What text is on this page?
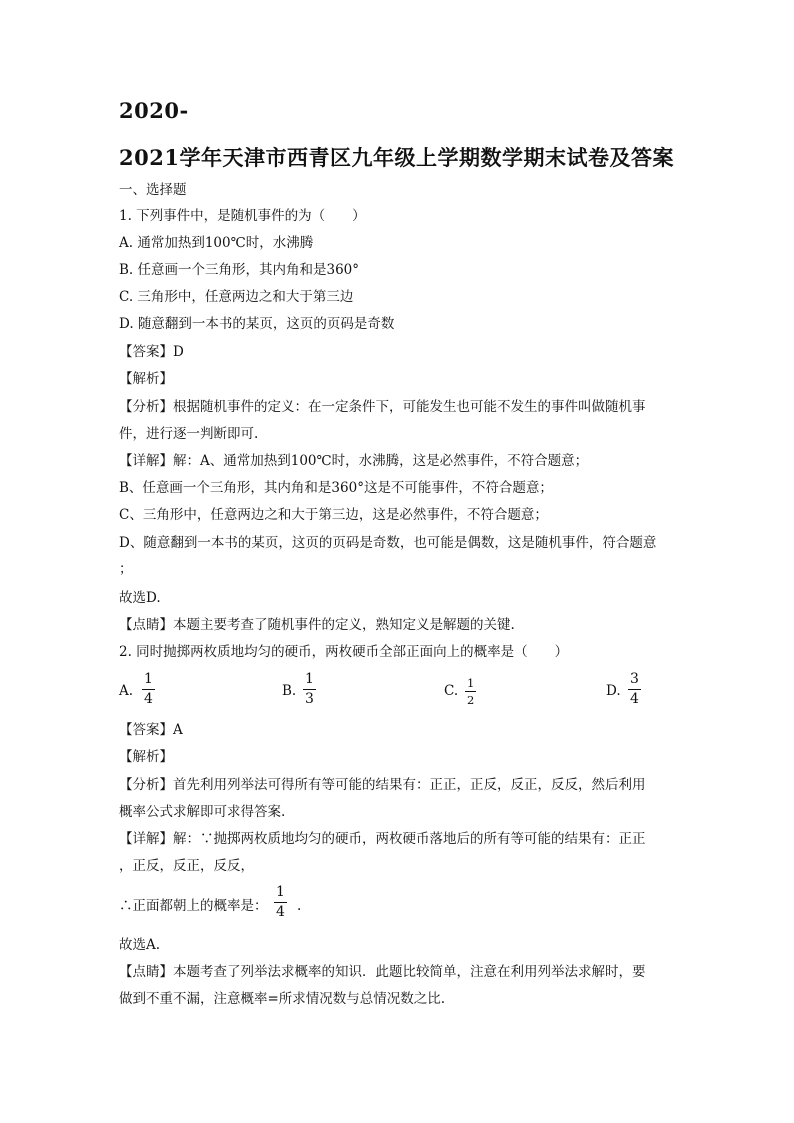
2020-
2021学年天津市西青区九年级上学期数学期末试卷及答案
一、选择题
1. 下列事件中，是随机事件的为（　　）
A. 通常加热到100℃时，水沸腾
B. 任意画一个三角形，其内角和是360°
C. 三角形中，任意两边之和大于第三边
D. 随意翻到一本书的某页，这页的页码是奇数
【答案】D
【解析】
【分析】根据随机事件的定义：在一定条件下，可能发生也可能不发生的事件叫做随机事
件，进行逐一判断即可.
【详解】解：A、通常加热到100℃时，水沸腾，这是必然事件，不符合题意；
B、任意画一个三角形，其内角和是360°这是不可能事件，不符合题意；
C、三角形中，任意两边之和大于第三边，这是必然事件，不符合题意；
D、随意翻到一本书的某页，这页的页码是奇数，也可能是偶数，这是随机事件，符合题意
；
故选D.
【点睛】本题主要考查了随机事件的定义，熟知定义是解题的关键.
2. 同时抛掷两枚质地均匀的硬币，两枚硬币全部正面向上的概率是（　　）
A.
1
4	B.
1
3	C. 1
2
D.
3
4
【答案】A
【解析】
【分析】首先利用列举法可得所有等可能的结果有：正正，正反，反正，反反，然后利用
概率公式求解即可求得答案.
【详解】解：∵抛掷两枚质地均匀的硬币，两枚硬币落地后的所有等可能的结果有：正正
，正反，反正，反反，
∴正面都朝上的概率是：
1
4 .
故选A.
【点睛】本题考查了列举法求概率的知识．此题比较简单，注意在利用列举法求解时，要
做到不重不漏，注意概率=所求情况数与总情况数之比.
